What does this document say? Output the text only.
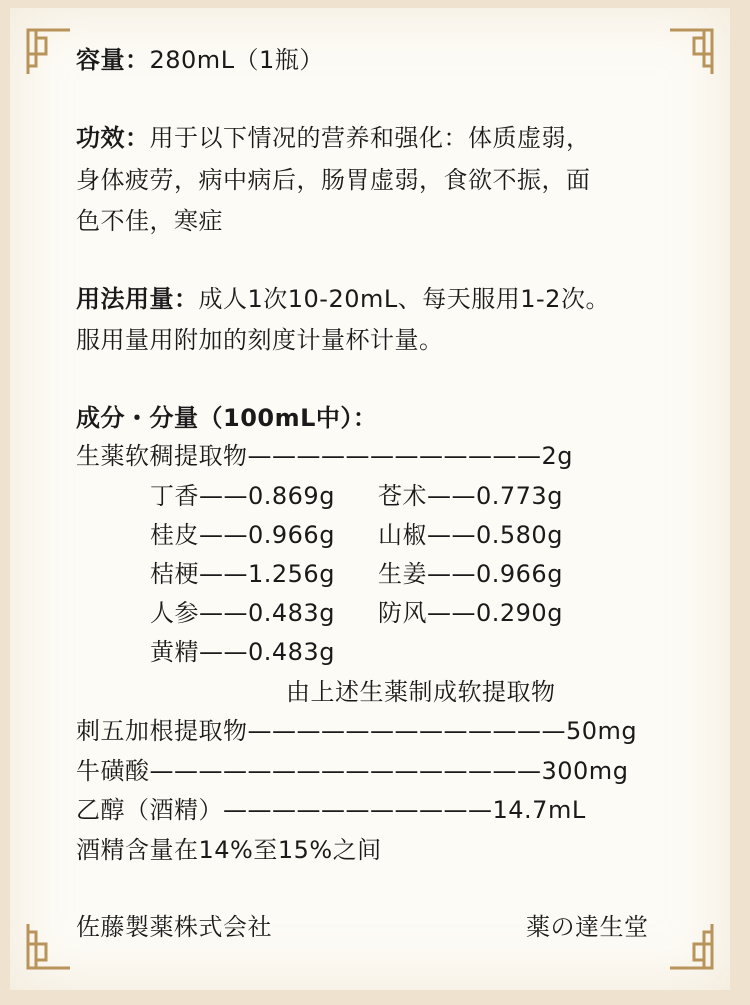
容量：280mL（1瓶）
功效：用于以下情况的营养和强化：体质虚弱，
身体疲劳，病中病后，肠胃虚弱，食欲不振，面
色不佳，寒症
用法用量：成人1次10-20mL、每天服用1-2次。
服用量用附加的刻度计量杯计量。
成分・分量（100mL中）：
生薬软稠提取物————————————2g
丁香——0.869g 苍术——0.773g
桂皮——0.966g 山椒——0.580g
桔梗——1.256g 生姜——0.966g
人参——0.483g 防风——0.290g
黄精——0.483g
由上述生薬制成软提取物
刺五加根提取物—————————————50mg
牛磺酸————————————————300mg
乙醇（酒精）———————————14.7mL
酒精含量在14%至15%之间
佐藤製薬株式会社	薬の達生堂
